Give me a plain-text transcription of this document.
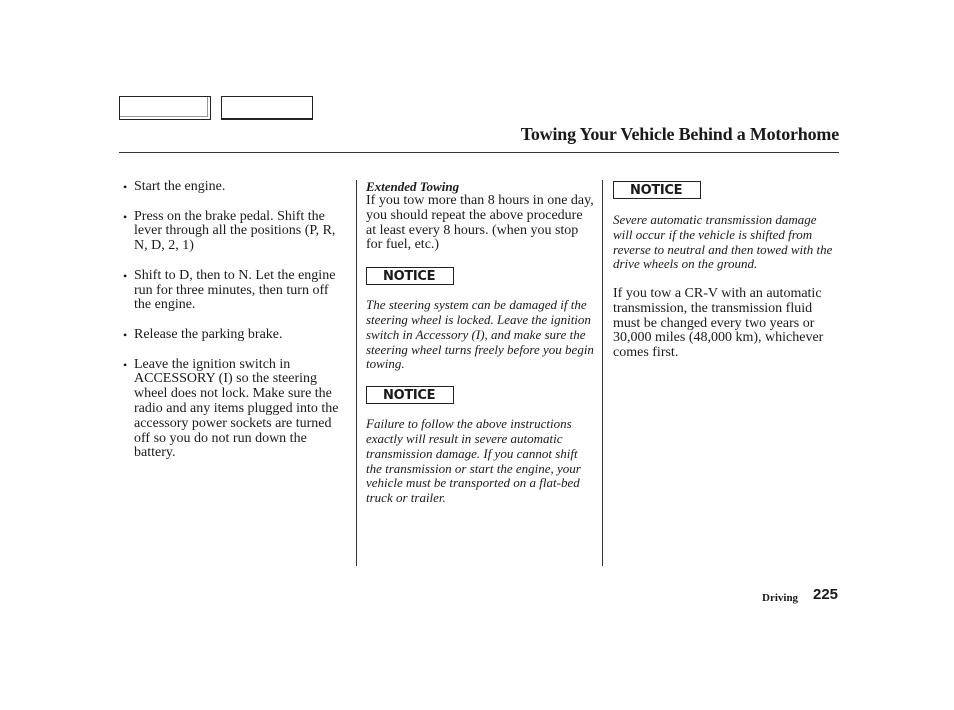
Towing Your Vehicle Behind a Motorhome
• Start the engine.
• Press on the brake pedal. Shift the lever through all the positions (P, R, N, D, 2, 1)
• Shift to D, then to N. Let the engine run for three minutes, then turn off the engine.
• Release the parking brake.
• Leave the ignition switch in ACCESSORY (I) so the steering wheel does not lock. Make sure the radio and any items plugged into the accessory power sockets are turned off so you do not run down the battery.
Extended Towing

If you tow more than 8 hours in one day, you should repeat the above procedure at least every 8 hours. (when you stop for fuel, etc.)

NOTICE

The steering system can be damaged if the steering wheel is locked. Leave the ignition switch in Accessory (I), and make sure the steering wheel turns freely before you begin towing.

NOTICE

Failure to follow the above instructions exactly will result in severe automatic transmission damage. If you cannot shift the transmission or start the engine, your vehicle must be transported on a flat-bed truck or trailer.

NOTICE

Severe automatic transmission damage will occur if the vehicle is shifted from reverse to neutral and then towed with the drive wheels on the ground.

If you tow a CR-V with an automatic transmission, the transmission fluid must be changed every two years or 30,000 miles (48,000 km), whichever comes first.

Driving 225
